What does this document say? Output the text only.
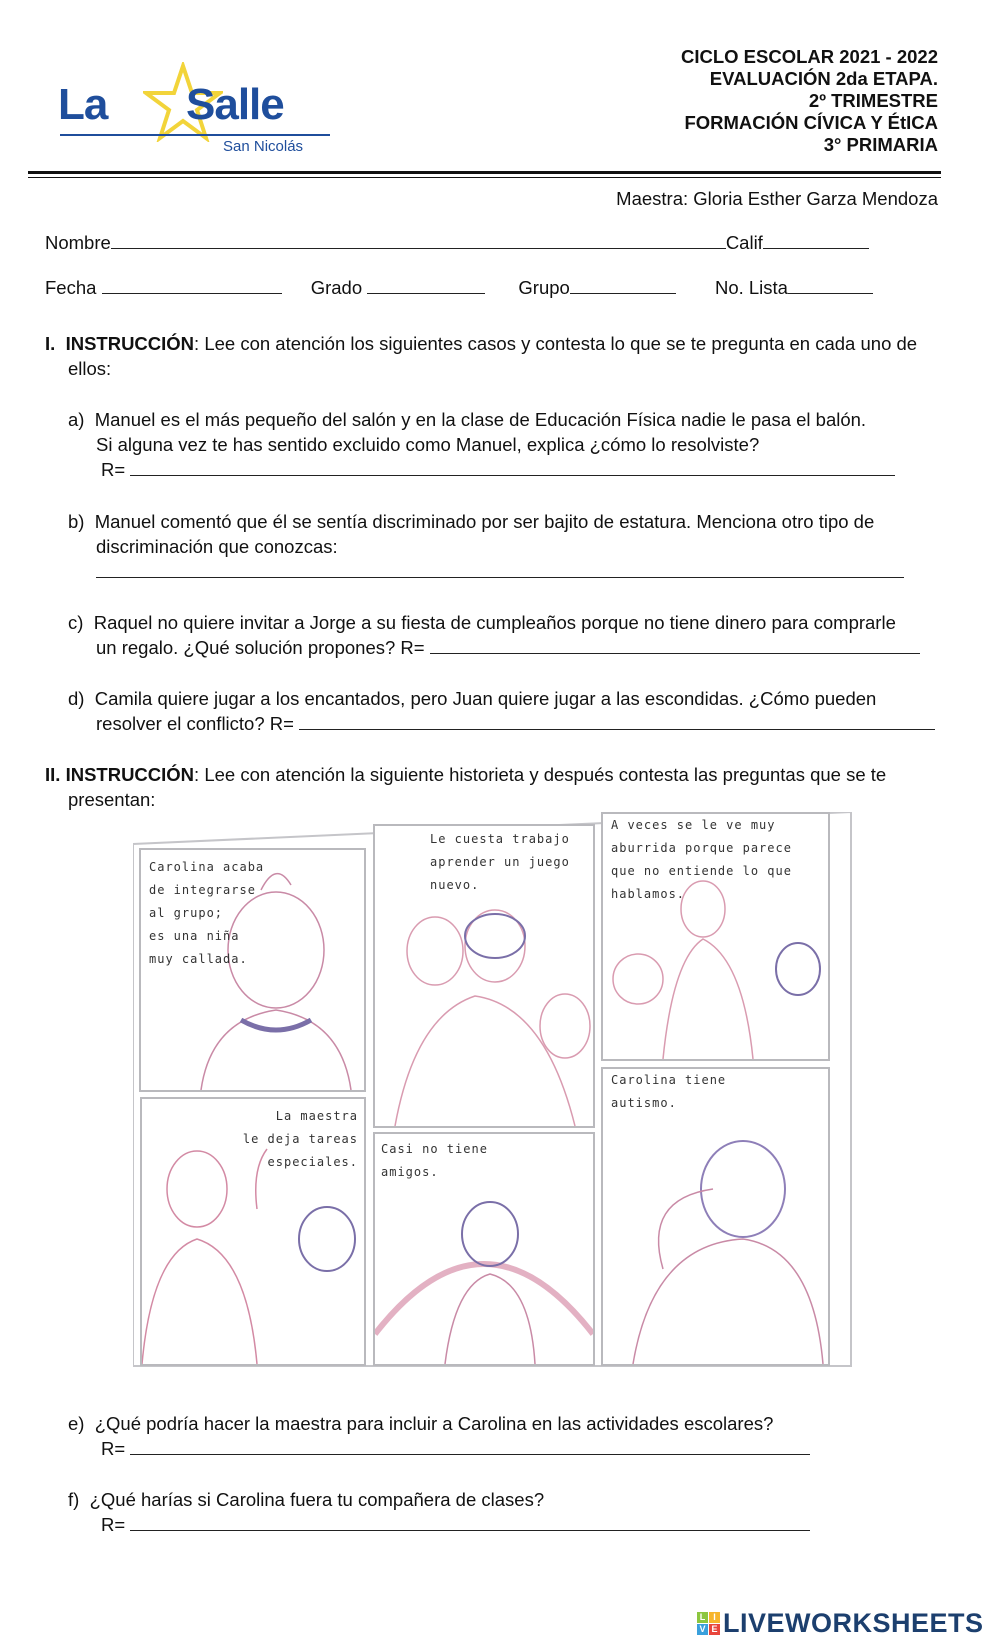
La Salle
San Nicolás
CICLO ESCOLAR 2021 - 2022
EVALUACIÓN 2da ETAPA.
2º TRIMESTRE
FORMACIÓN CÍVICA Y ÉtICA
3° PRIMARIA
Maestra: Gloria Esther Garza Mendoza
Nombre	Calif
Fecha	Grado	Grupo	No. Lista
I. INSTRUCCIÓN: Lee con atención los siguientes casos y contesta lo que se te pregunta en cada uno de
ellos:
a) Manuel es el más pequeño del salón y en la clase de Educación Física nadie le pasa el balón.
Si alguna vez te has sentido excluido como Manuel, explica ¿cómo lo resolviste?
R=
b) Manuel comentó que él se sentía discriminado por ser bajito de estatura. Menciona otro tipo de
discriminación que conozcas:

c) Raquel no quiere invitar a Jorge a su fiesta de cumpleaños porque no tiene dinero para comprarle
un regalo. ¿Qué solución propones? R=
d) Camila quiere jugar a los encantados, pero Juan quiere jugar a las escondidas. ¿Cómo pueden
resolver el conflicto? R=
II. INSTRUCCIÓN: Lee con atención la siguiente historieta y después contesta las preguntas que se te
presentan:
Carolina acaba
de integrarse
al grupo;
es una niña
muy callada.
Le cuesta trabajo
aprender un juego
nuevo.
A veces se le ve muy
aburrida porque parece
que no entiende lo que
hablamos.
La maestra
le deja tareas
especiales.
Casi no tiene
amigos.
Carolina tiene
autismo.
e) ¿Qué podría hacer la maestra para incluir a Carolina en las actividades escolares?
R=
f) ¿Qué harías si Carolina fuera tu compañera de clases?
R=
L I
V E LIVEWORKSHEETS
